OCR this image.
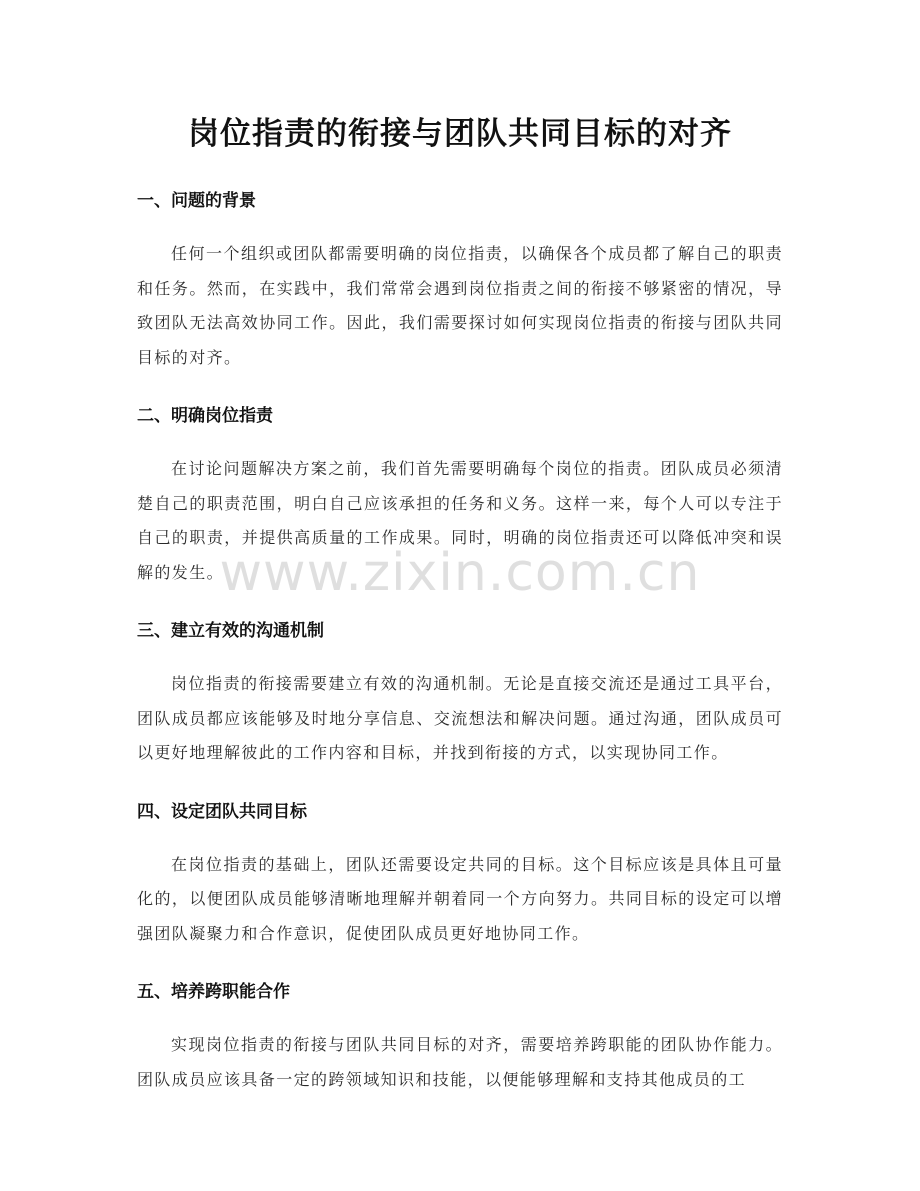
岗位指责的衔接与团队共同目标的对齐
一、问题的背景

任何一个组织或团队都需要明确的岗位指责，以确保各个成员都了解自己的职责和任务。然而，在实践中，我们常常会遇到岗位指责之间的衔接不够紧密的情况，导致团队无法高效协同工作。因此，我们需要探讨如何实现岗位指责的衔接与团队共同目标的对齐。

二、明确岗位指责

在讨论问题解决方案之前，我们首先需要明确每个岗位的指责。团队成员必须清楚自己的职责范围，明白自己应该承担的任务和义务。这样一来，每个人可以专注于自己的职责，并提供高质量的工作成果。同时，明确的岗位指责还可以降低冲突和误解的发生。

三、建立有效的沟通机制

岗位指责的衔接需要建立有效的沟通机制。无论是直接交流还是通过工具平台，团队成员都应该能够及时地分享信息、交流想法和解决问题。通过沟通，团队成员可以更好地理解彼此的工作内容和目标，并找到衔接的方式，以实现协同工作。

四、设定团队共同目标

在岗位指责的基础上，团队还需要设定共同的目标。这个目标应该是具体且可量化的，以便团队成员能够清晰地理解并朝着同一个方向努力。共同目标的设定可以增强团队凝聚力和合作意识，促使团队成员更好地协同工作。

五、培养跨职能合作

实现岗位指责的衔接与团队共同目标的对齐，需要培养跨职能的团队协作能力。团队成员应该具备一定的跨领域知识和技能，以便能够理解和支持其他成员的工

www.zixin.com.cn
